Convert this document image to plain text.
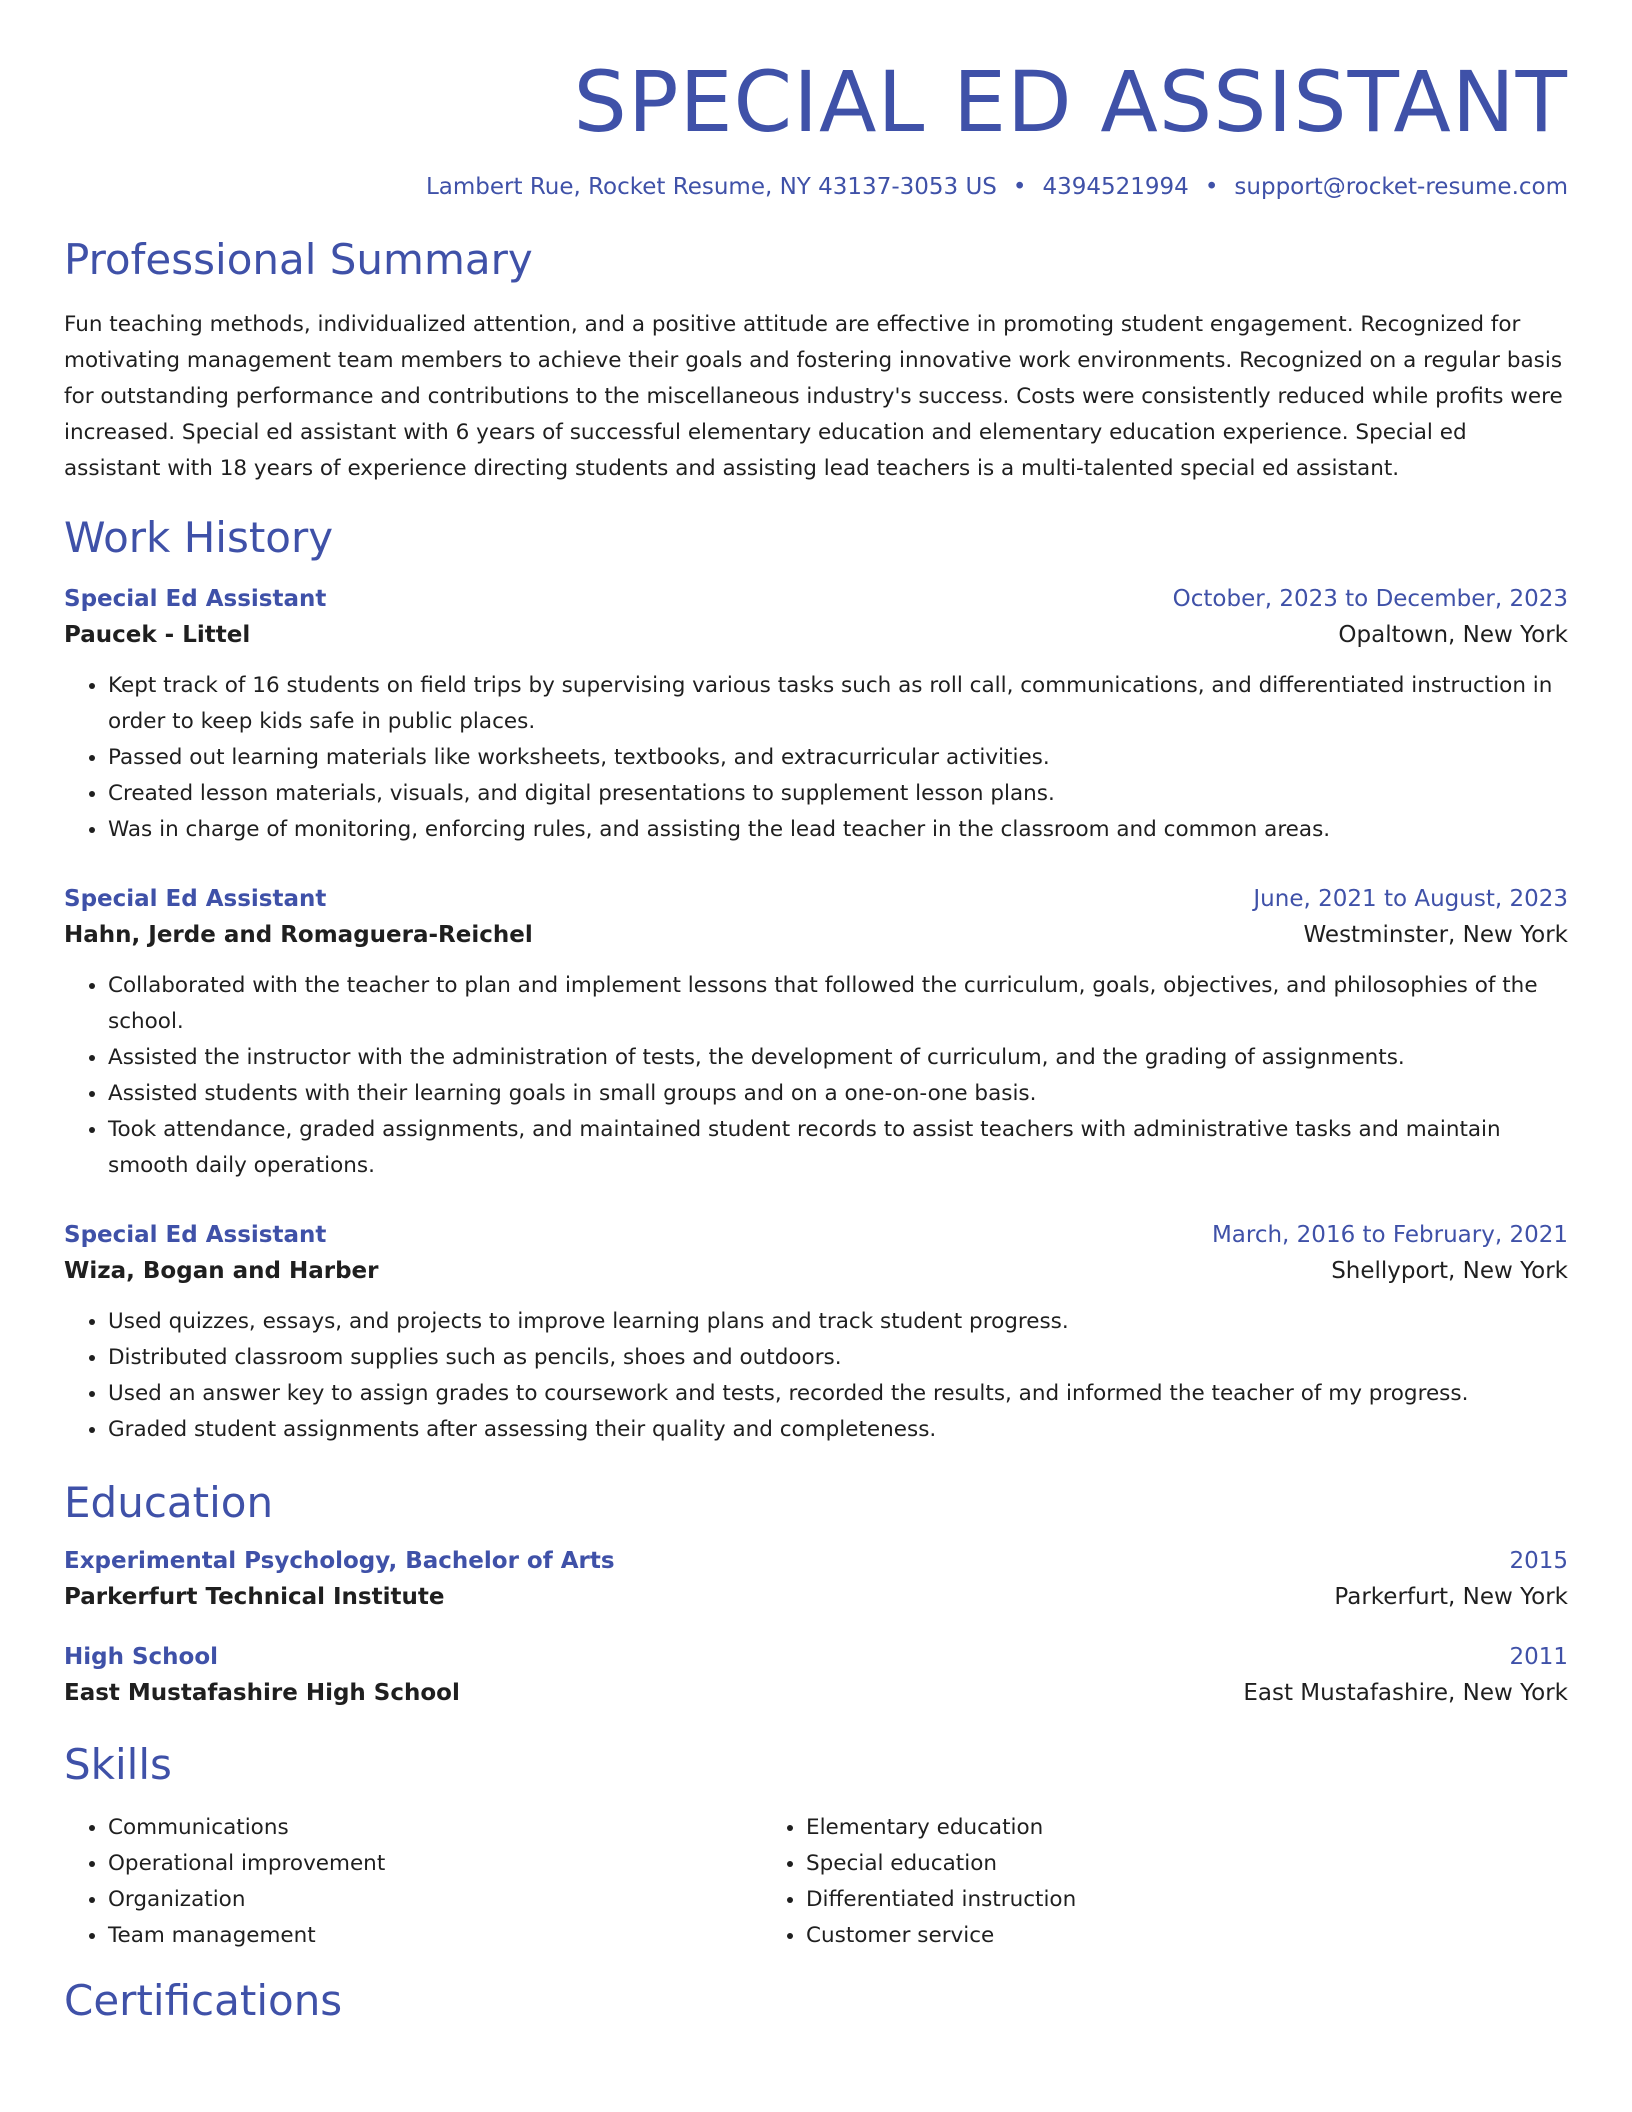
SPECIAL ED ASSISTANT
Lambert Rue, Rocket Resume, NY 43137-3053 US • 4394521994 • support@rocket-resume.com
Professional Summary

Fun teaching methods, individualized attention, and a positive attitude are effective in promoting student engagement. Recognized for motivating management team members to achieve their goals and fostering innovative work environments. Recognized on a regular basis for outstanding performance and contributions to the miscellaneous industry's success. Costs were consistently reduced while profits were increased. Special ed assistant with 6 years of successful elementary education and elementary education experience. Special ed assistant with 18 years of experience directing students and assisting lead teachers is a multi-talented special ed assistant.

Work History
Special Ed Assistant	October, 2023 to December, 2023
Paucek - Littel	Opaltown, New York
• Kept track of 16 students on field trips by supervising various tasks such as roll call, communications, and differentiated instruction in order to keep kids safe in public places.
• Passed out learning materials like worksheets, textbooks, and extracurricular activities.
• Created lesson materials, visuals, and digital presentations to supplement lesson plans.
• Was in charge of monitoring, enforcing rules, and assisting the lead teacher in the classroom and common areas.
Special Ed Assistant	June, 2021 to August, 2023
Hahn, Jerde and Romaguera-Reichel	Westminster, New York
• Collaborated with the teacher to plan and implement lessons that followed the curriculum, goals, objectives, and philosophies of the school.
• Assisted the instructor with the administration of tests, the development of curriculum, and the grading of assignments.
• Assisted students with their learning goals in small groups and on a one-on-one basis.
• Took attendance, graded assignments, and maintained student records to assist teachers with administrative tasks and maintain smooth daily operations.
Special Ed Assistant	March, 2016 to February, 2021
Wiza, Bogan and Harber	Shellyport, New York
• Used quizzes, essays, and projects to improve learning plans and track student progress.
• Distributed classroom supplies such as pencils, shoes and outdoors.
• Used an answer key to assign grades to coursework and tests, recorded the results, and informed the teacher of my progress.
• Graded student assignments after assessing their quality and completeness.
Education
Experimental Psychology, Bachelor of Arts	2015
Parkerfurt Technical Institute	Parkerfurt, New York
High School	2011
East Mustafashire High School	East Mustafashire, New York
Skills
• Communications
• Operational improvement
• Organization
• Team management
• Elementary education
• Special education
• Differentiated instruction
• Customer service
Certifications
